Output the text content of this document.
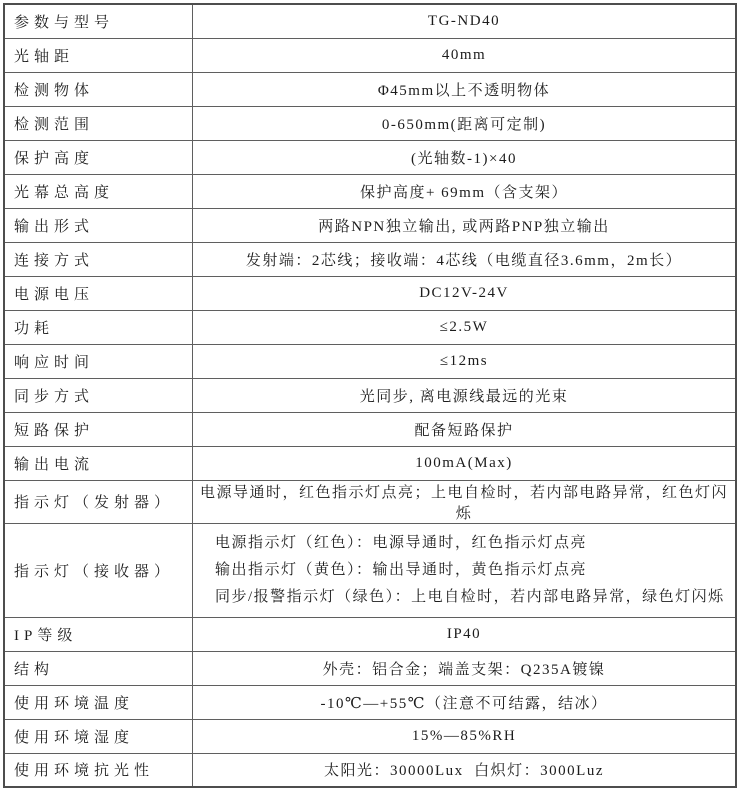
参数与型号	TG-ND40
光轴距	40mm
检测物体	Φ45mm以上不透明物体
检测范围	0-650mm(距离可定制)
保护高度	(光轴数-1)×40
光幕总高度	保护高度+ 69mm（含支架）
输出形式	两路NPN独立输出, 或两路PNP独立输出
连接方式	发射端：2芯线；接收端：4芯线（电缆直径3.6mm，2m长）
电源电压	DC12V-24V
功耗	≤2.5W
响应时间	≤12ms
同步方式	光同步, 离电源线最远的光束
短路保护	配备短路保护
输出电流	100mA(Max)
指示灯（发射器）	电源导通时，红色指示灯点亮；上电自检时，若内部电路异常，红色灯闪烁
指示灯（接收器）	电源指示灯（红色）：电源导通时，红色指示灯点亮
输出指示灯（黄色）：输出导通时，黄色指示灯点亮
同步/报警指示灯（绿色）：上电自检时，若内部电路异常，绿色灯闪烁

IP等级	IP40
结构	外壳：铝合金；端盖支架：Q235A镀镍
使用环境温度	-10℃—+55℃（注意不可结露，结冰）
使用环境湿度	15%—85%RH
使用环境抗光性	太阳光：30000Lux  白炽灯：3000Luz
